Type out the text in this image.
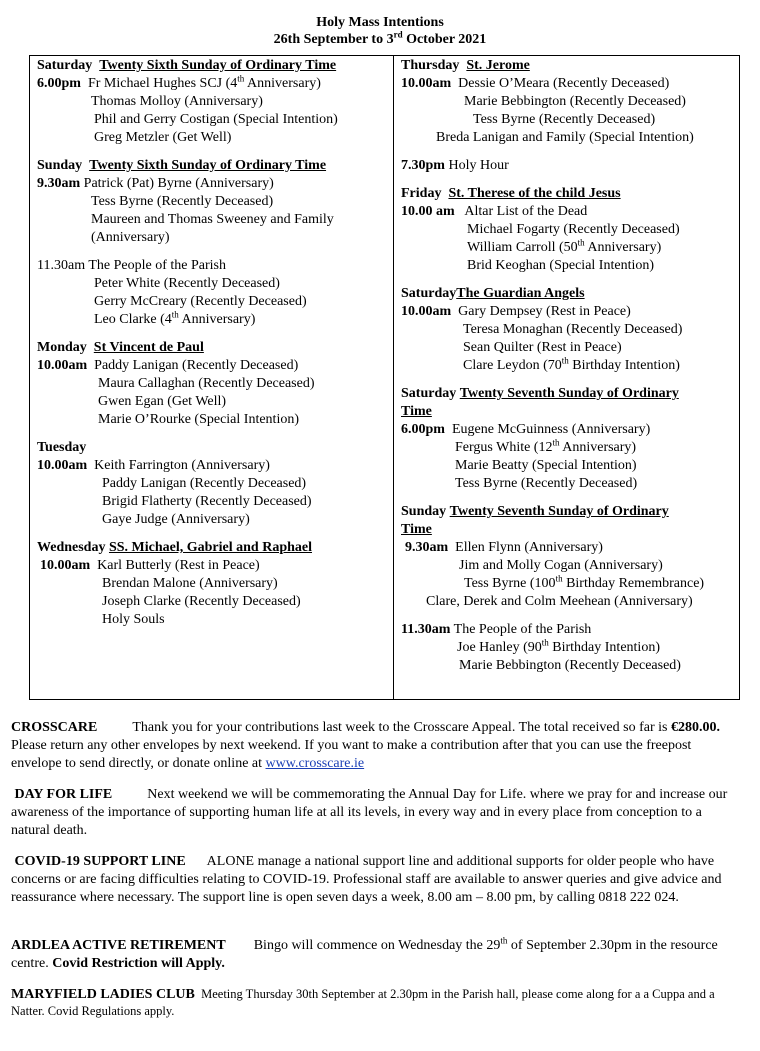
Holy Mass Intentions
26th September to 3rd October 2021
Saturday Twenty Sixth Sunday of Ordinary Time
6.00pm Fr Michael Hughes SCJ (4th Anniversary)
Thomas Molloy (Anniversary)
Phil and Gerry Costigan (Special Intention)
Greg Metzler (Get Well)
Sunday Twenty Sixth Sunday of Ordinary Time
9.30am Patrick (Pat) Byrne (Anniversary)
Tess Byrne (Recently Deceased)
Maureen and Thomas Sweeney and Family
(Anniversary)
11.30am The People of the Parish
Peter White (Recently Deceased)
Gerry McCreary (Recently Deceased)
Leo Clarke (4th Anniversary)
Monday St Vincent de Paul
10.00am Paddy Lanigan (Recently Deceased)
Maura Callaghan (Recently Deceased)
Gwen Egan (Get Well)
Marie O’Rourke (Special Intention)
Tuesday
10.00am Keith Farrington (Anniversary)
Paddy Lanigan (Recently Deceased)
Brigid Flatherty (Recently Deceased)
Gaye Judge (Anniversary)
Wednesday SS. Michael, Gabriel and Raphael
10.00am Karl Butterly (Rest in Peace)
Brendan Malone (Anniversary)
Joseph Clarke (Recently Deceased)
Holy Souls
Thursday St. Jerome
10.00am Dessie O’Meara (Recently Deceased)
Marie Bebbington (Recently Deceased)
Tess Byrne (Recently Deceased)
Breda Lanigan and Family (Special Intention)
7.30pm Holy Hour
Friday St. Therese of the child Jesus
10.00 am Altar List of the Dead
Michael Fogarty (Recently Deceased)
William Carroll (50th Anniversary)
Brid Keoghan (Special Intention)
SaturdayThe Guardian Angels
10.00am Gary Dempsey (Rest in Peace)
Teresa Monaghan (Recently Deceased)
Sean Quilter (Rest in Peace)
Clare Leydon (70th Birthday Intention)
Saturday Twenty Seventh Sunday of Ordinary
Time
6.00pm Eugene McGuinness (Anniversary)
Fergus White (12th Anniversary)
Marie Beatty (Special Intention)
Tess Byrne (Recently Deceased)
Sunday Twenty Seventh Sunday of Ordinary
Time
9.30am Ellen Flynn (Anniversary)
Jim and Molly Cogan (Anniversary)
Tess Byrne (100th Birthday Remembrance)
Clare, Derek and Colm Meehean (Anniversary)
11.30am The People of the Parish
Joe Hanley (90th Birthday Intention)
Marie Bebbington (Recently Deceased)
CROSSCARE	Thank you for your contributions last week to the Crosscare Appeal. The total received so far is €280.00. Please return any other envelopes by next weekend. If you want to make a contribution after that you can use the freepost envelope to send directly, or donate online at www.crosscare.ie
DAY FOR LIFE	Next weekend we will be commemorating the Annual Day for Life. where we pray for and increase our awareness of the importance of supporting human life at all its levels, in every way and in every place from conception to a natural death.
COVID-19 SUPPORT LINE ALONE manage a national support line and additional supports for older people who have concerns or are facing difficulties relating to COVID-19. Professional staff are available to answer queries and give advice and reassurance where necessary. The support line is open seven days a week, 8.00 am – 8.00 pm, by calling 0818 222 024.
ARDLEA ACTIVE RETIREMENT Bingo will commence on Wednesday the 29th of September 2.30pm in the resource centre. Covid Restriction will Apply.
MARYFIELD LADIES CLUB Meeting Thursday 30th September at 2.30pm in the Parish hall, please come along for a a Cuppa and a Natter. Covid Regulations apply.
